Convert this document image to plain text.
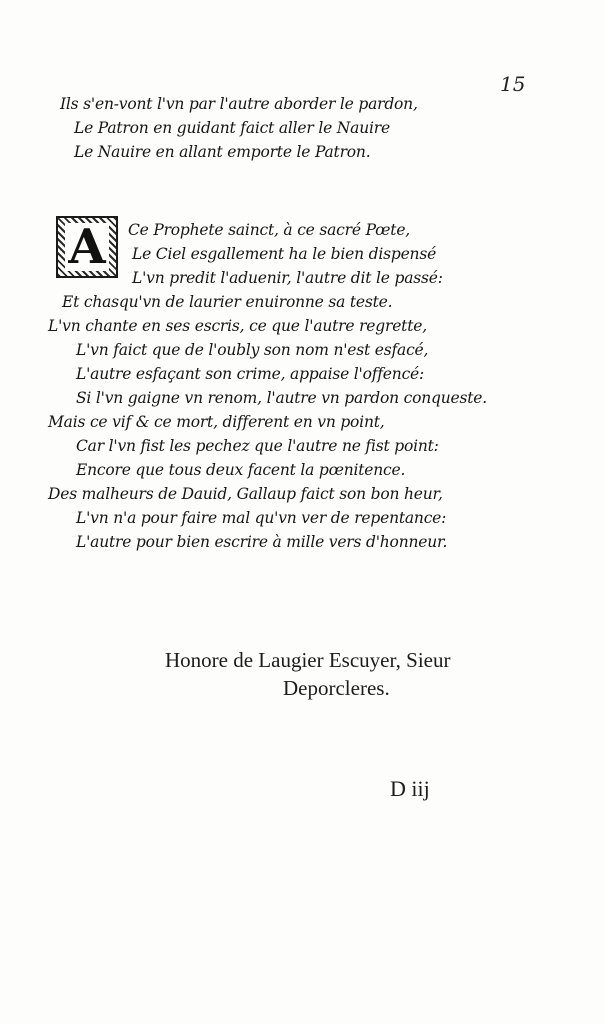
15
Ils s'en-vont l'vn par l'autre aborder le pardon,
Le Patron en guidant faict aller le Nauire
Le Nauire en allant emporte le Patron.
A	Ce Prophete sainct, à ce sacré Pœte,
Le Ciel esgallement ha le bien dispensé
L'vn predit l'aduenir, l'autre dit le passé:
Et chasqu'vn de laurier enuironne sa teste.
L'vn chante en ses escris, ce que l'autre regrette,
L'vn faict que de l'oubly son nom n'est esfacé,
L'autre esfaçant son crime, appaise l'offencé:
Si l'vn gaigne vn renom, l'autre vn pardon conqueste.
Mais ce vif & ce mort, different en vn point,
Car l'vn fist les pechez que l'autre ne fist point:
Encore que tous deux facent la pœnitence.
Des malheurs de Dauid, Gallaup faict son bon heur,
L'vn n'a pour faire mal qu'vn ver de repentance:
L'autre pour bien escrire à mille vers d'honneur.
Honore de Laugier Escuyer, Sieur
Deporcleres.
D iij
